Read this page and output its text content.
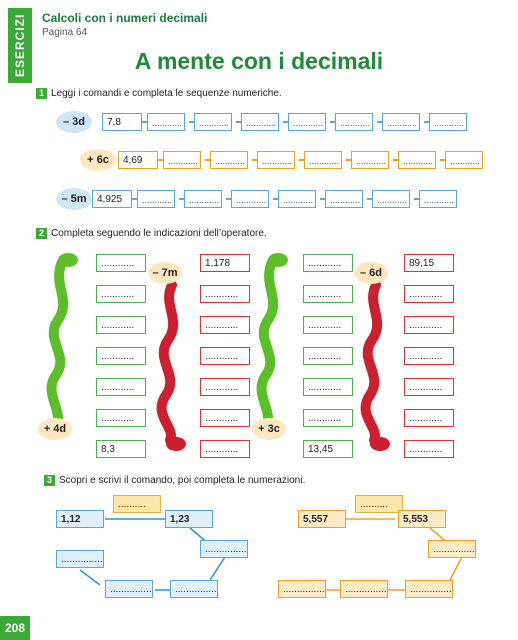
ESERCIZI	Calcoli con i numeri decimali
Pagina 64
A mente con i decimali
1 Leggi i comandi e completa le sequenze numeriche.
– 3d	7,8	............	............	............	............	............	............	............
+ 6c	4,69	............	............	............	............	............	............	............
– 5m	4,925	............	............	............	............	............	............	............
2 Completa seguendo le indicazioni dell’operatore.
+ 4d
............
............
............
............
............
............
8,3
– 7m
1,178
............
............
............
............
............
............
+ 3c
............
............
............
............
............
............
13,45
– 6d
89,15
............
............
............
............
............
............
3 Scopri e scrivi il comando, poi completa le numerazioni.
..........	..........
1,12	1,23
...............
...............
...............
...............
5,557	5,553
...............
...............
...............
...............
208
